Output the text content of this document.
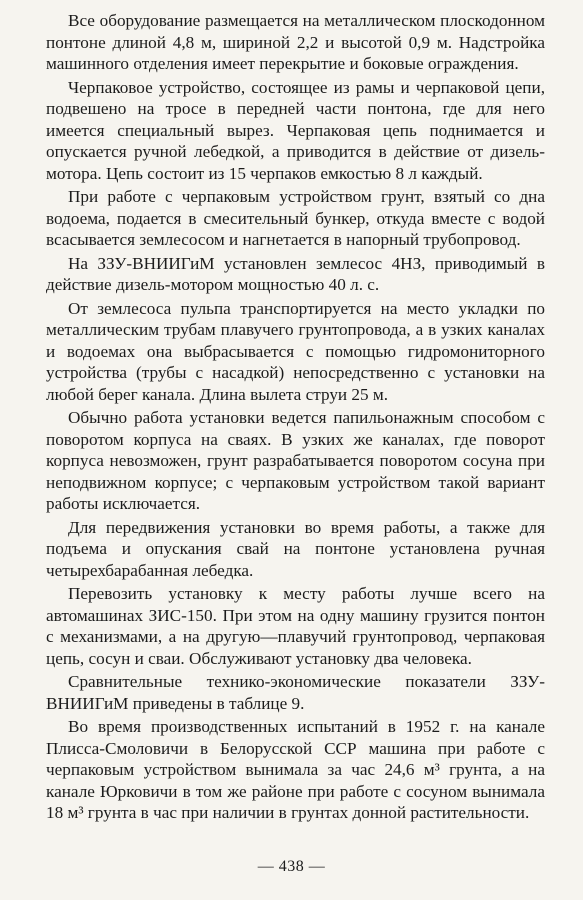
Все оборудование размещается на металлическом плоскодонном понтоне длиной 4,8 м, шириной 2,2 и высотой 0,9 м. Надстройка машинного отделения имеет перекрытие и боковые ограждения.

Черпаковое устройство, состоящее из рамы и черпаковой цепи, подвешено на тросе в передней части понтона, где для него имеется специальный вырез. Черпаковая цепь поднимается и опускается ручной лебедкой, а приводится в действие от дизель-мотора. Цепь состоит из 15 черпаков емкостью 8 л каждый.

При работе с черпаковым устройством грунт, взятый со дна водоема, подается в смесительный бункер, откуда вместе с водой всасывается землесосом и нагнетается в напорный трубопровод.

На ЗЗУ-ВНИИГиМ установлен землесос 4НЗ, приводимый в действие дизель-мотором мощностью 40 л. с.

От землесоса пульпа транспортируется на место укладки по металлическим трубам плавучего грунтопровода, а в узких каналах и водоемах она выбрасывается с помощью гидромониторного устройства (трубы с насадкой) непосредственно с установки на любой берег канала. Длина вылета струи 25 м.

Обычно работа установки ведется папильонажным способом с поворотом корпуса на сваях. В узких же каналах, где поворот корпуса невозможен, грунт разрабатывается поворотом сосуна при неподвижном корпусе; с черпаковым устройством такой вариант работы исключается.

Для передвижения установки во время работы, а также для подъема и опускания свай на понтоне установлена ручная четырехбарабанная лебедка.

Перевозить установку к месту работы лучше всего на автомашинах ЗИС-150. При этом на одну машину грузится понтон с механизмами, а на другую—плавучий грунтопровод, черпаковая цепь, сосун и сваи. Обслуживают установку два человека.

Сравнительные технико-экономические показатели ЗЗУ-ВНИИГиМ приведены в таблице 9.

Во время производственных испытаний в 1952 г. на канале Плисса-Смоловичи в Белорусской ССР машина при работе с черпаковым устройством вынимала за час 24,6 м³ грунта, а на канале Юрковичи в том же районе при работе с сосуном вынимала 18 м³ грунта в час при наличии в грунтах донной растительности.

— 438 —
